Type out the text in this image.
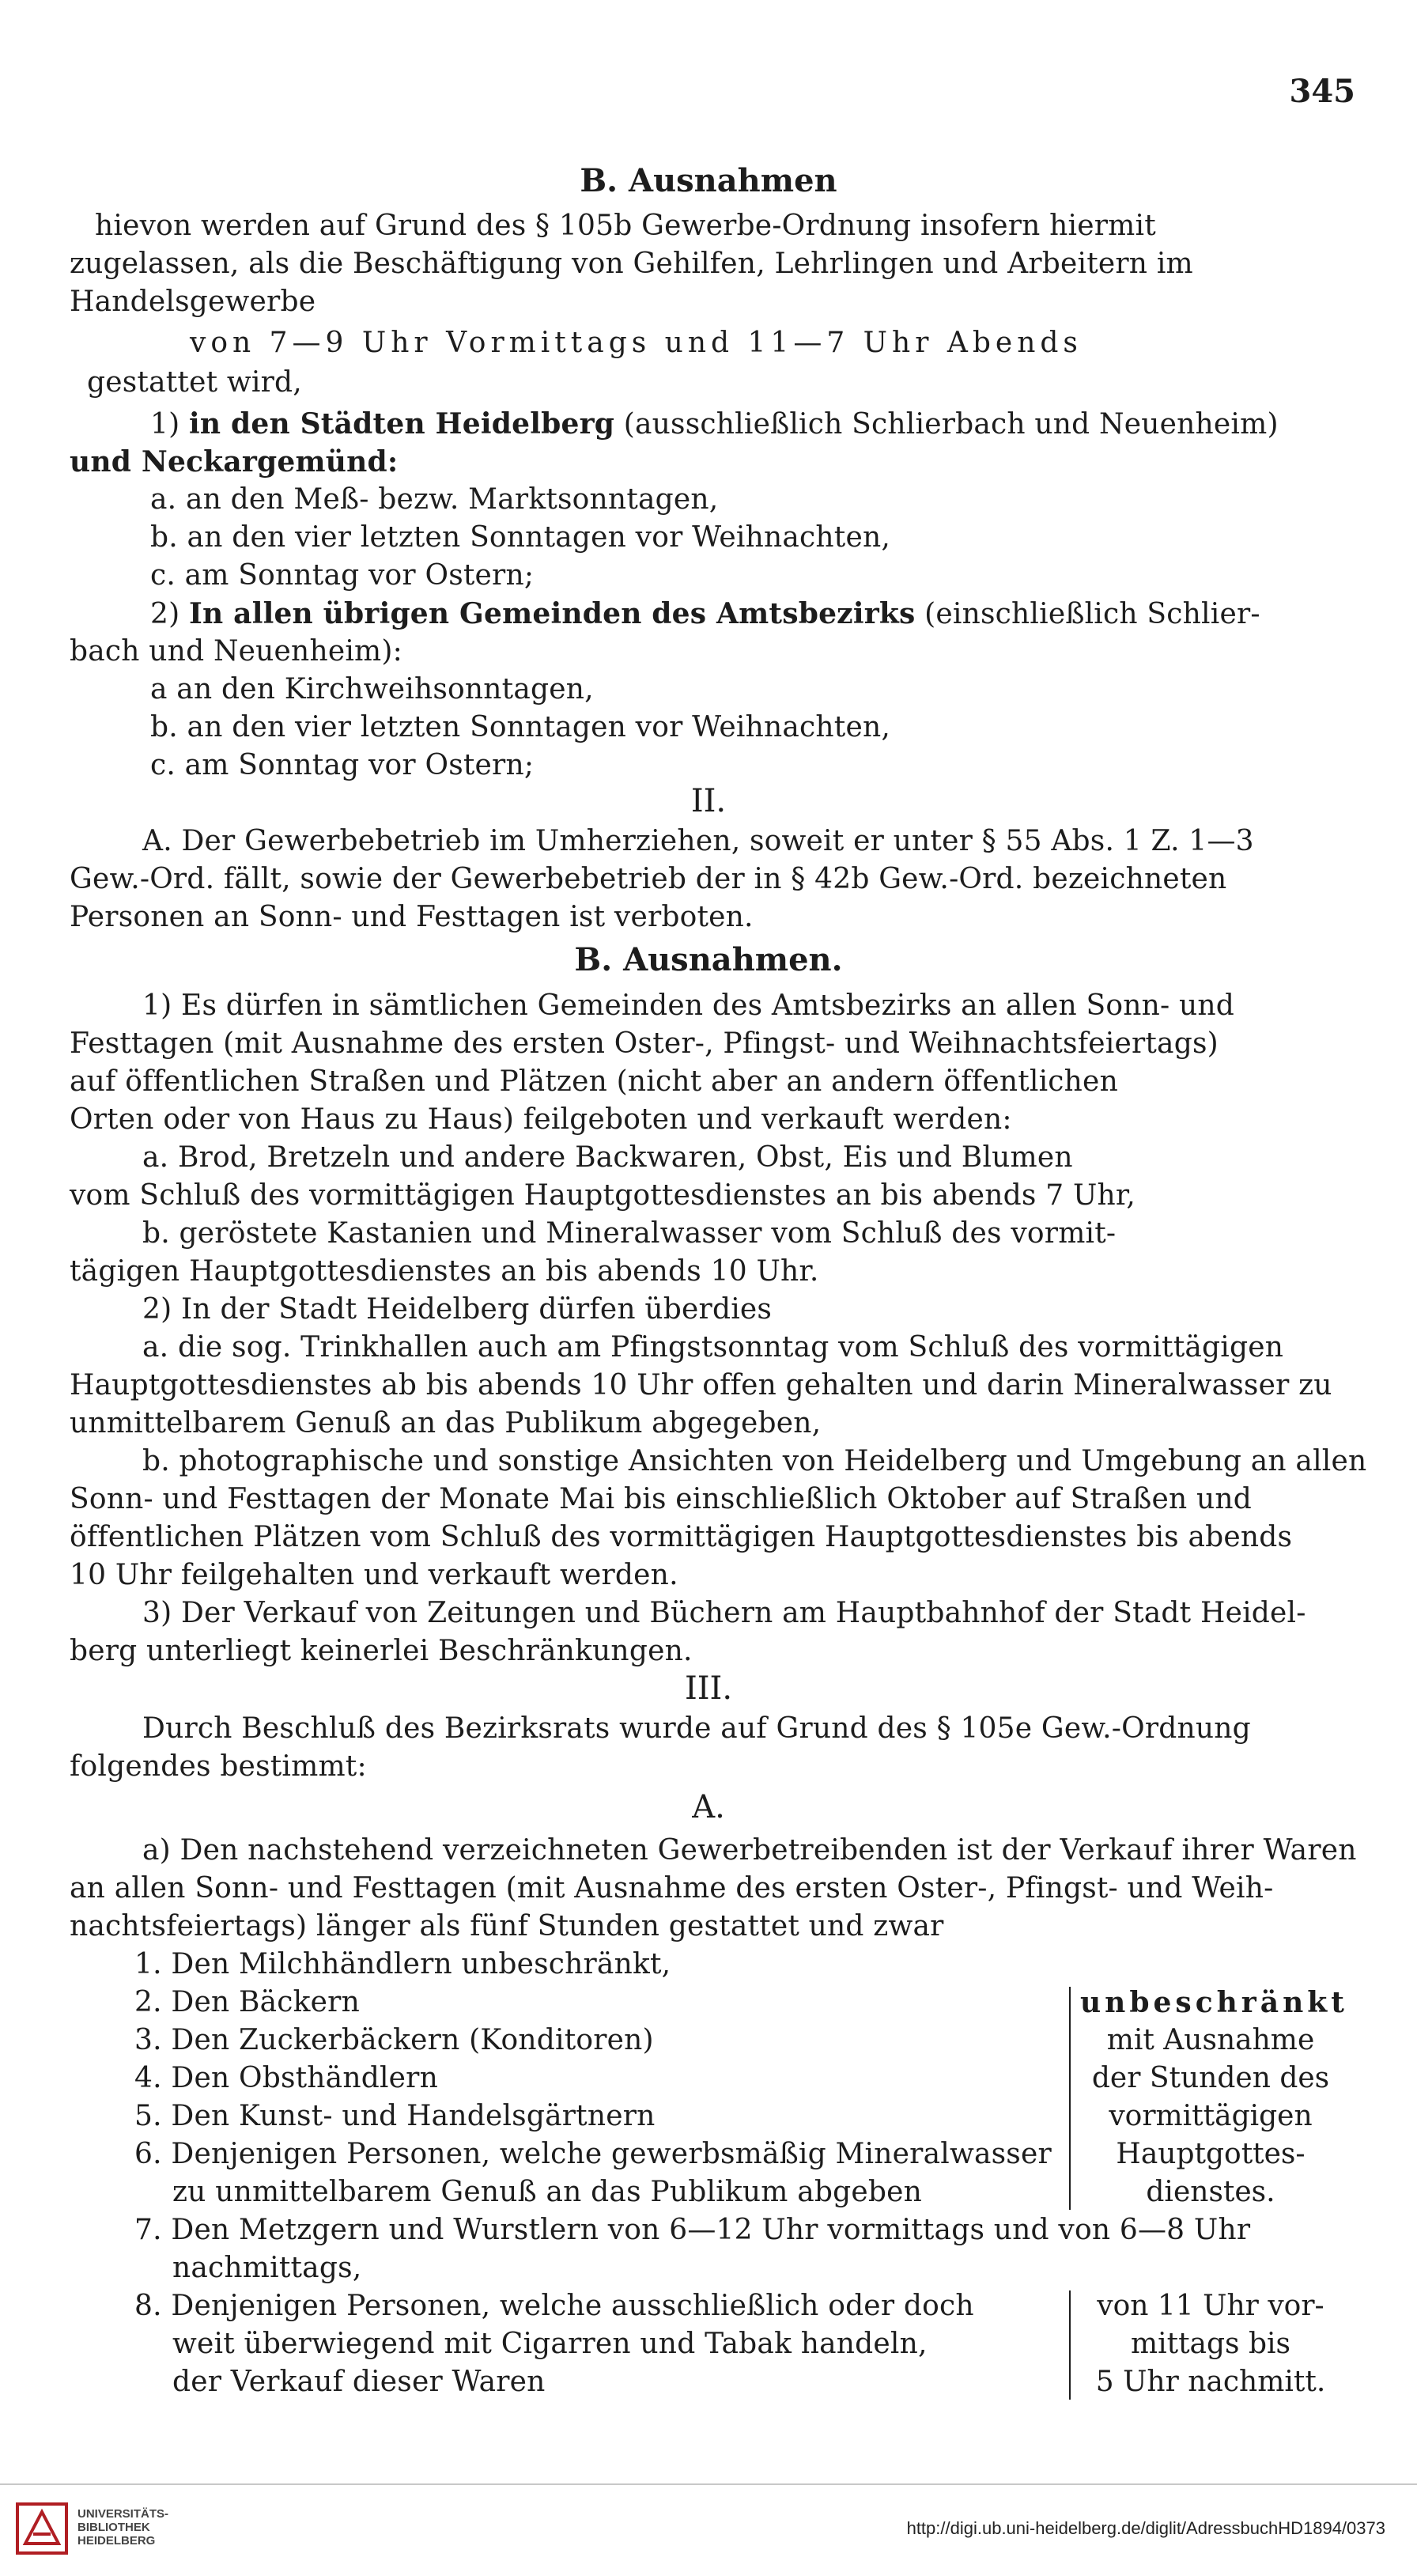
345
B. Ausnahmen
hievon werden auf Grund des § 105b Gewerbe-Ordnung insofern hiermit
zugelassen, als die Beschäftigung von Gehilfen, Lehrlingen und Arbeitern im
Handelsgewerbe
von 7—9 Uhr Vormittags und 11—7 Uhr Abends
gestattet wird,
1) in den Städten Heidelberg (ausschließlich Schlierbach und Neuenheim)
und Neckargemünd:
a. an den Meß- bezw. Marktsonntagen,
b. an den vier letzten Sonntagen vor Weihnachten,
c. am Sonntag vor Ostern;
2) In allen übrigen Gemeinden des Amtsbezirks (einschließlich Schlier-
bach und Neuenheim):
a an den Kirchweihsonntagen,
b. an den vier letzten Sonntagen vor Weihnachten,
c. am Sonntag vor Ostern;
II.
A. Der Gewerbebetrieb im Umherziehen, soweit er unter § 55 Abs. 1 Z. 1—3
Gew.-Ord. fällt, sowie der Gewerbebetrieb der in § 42b Gew.-Ord. bezeichneten
Personen an Sonn- und Festtagen ist verboten.
B. Ausnahmen.
1) Es dürfen in sämtlichen Gemeinden des Amtsbezirks an allen Sonn- und
Festtagen (mit Ausnahme des ersten Oster-, Pfingst- und Weihnachtsfeiertags)
auf öffentlichen Straßen und Plätzen (nicht aber an andern öffentlichen
Orten oder von Haus zu Haus) feilgeboten und verkauft werden:
a. Brod, Bretzeln und andere Backwaren, Obst, Eis und Blumen
vom Schluß des vormittägigen Hauptgottesdienstes an bis abends 7 Uhr,
b. geröstete Kastanien und Mineralwasser vom Schluß des vormit-
tägigen Hauptgottesdienstes an bis abends 10 Uhr.
2) In der Stadt Heidelberg dürfen überdies
a. die sog. Trinkhallen auch am Pfingstsonntag vom Schluß des vormittägigen
Hauptgottesdienstes ab bis abends 10 Uhr offen gehalten und darin Mineralwasser zu
unmittelbarem Genuß an das Publikum abgegeben,
b. photographische und sonstige Ansichten von Heidelberg und Umgebung an allen
Sonn- und Festtagen der Monate Mai bis einschließlich Oktober auf Straßen und
öffentlichen Plätzen vom Schluß des vormittägigen Hauptgottesdienstes bis abends
10 Uhr feilgehalten und verkauft werden.
3) Der Verkauf von Zeitungen und Büchern am Hauptbahnhof der Stadt Heidel-
berg unterliegt keinerlei Beschränkungen.
III.
Durch Beschluß des Bezirksrats wurde auf Grund des § 105e Gew.-Ordnung
folgendes bestimmt:
A.
a) Den nachstehend verzeichneten Gewerbetreibenden ist der Verkauf ihrer Waren
an allen Sonn- und Festtagen (mit Ausnahme des ersten Oster-, Pfingst- und Weih-
nachtsfeiertags) länger als fünf Stunden gestattet und zwar
1. Den Milchhändlern unbeschränkt,
2. Den Bäckern
3. Den Zuckerbäckern (Konditoren)
4. Den Obsthändlern
5. Den Kunst- und Handelsgärtnern
6. Denjenigen Personen, welche gewerbsmäßig Mineralwasser
zu unmittelbarem Genuß an das Publikum abgeben
7. Den Metzgern und Wurstlern von 6—12 Uhr vormittags und von 6—8 Uhr
nachmittags,
8. Denjenigen Personen, welche ausschließlich oder doch
weit überwiegend mit Cigarren und Tabak handeln,
der Verkauf dieser Waren
unbeschränkt
mit Ausnahme
der Stunden des
vormittägigen
Hauptgottes-
dienstes.
von 11 Uhr vor-
mittags bis
5 Uhr nachmitt.
UNIVERSITÄTS-
BIBLIOTHEK
HEIDELBERG
http://digi.ub.uni-heidelberg.de/diglit/AdressbuchHD1894/0373
